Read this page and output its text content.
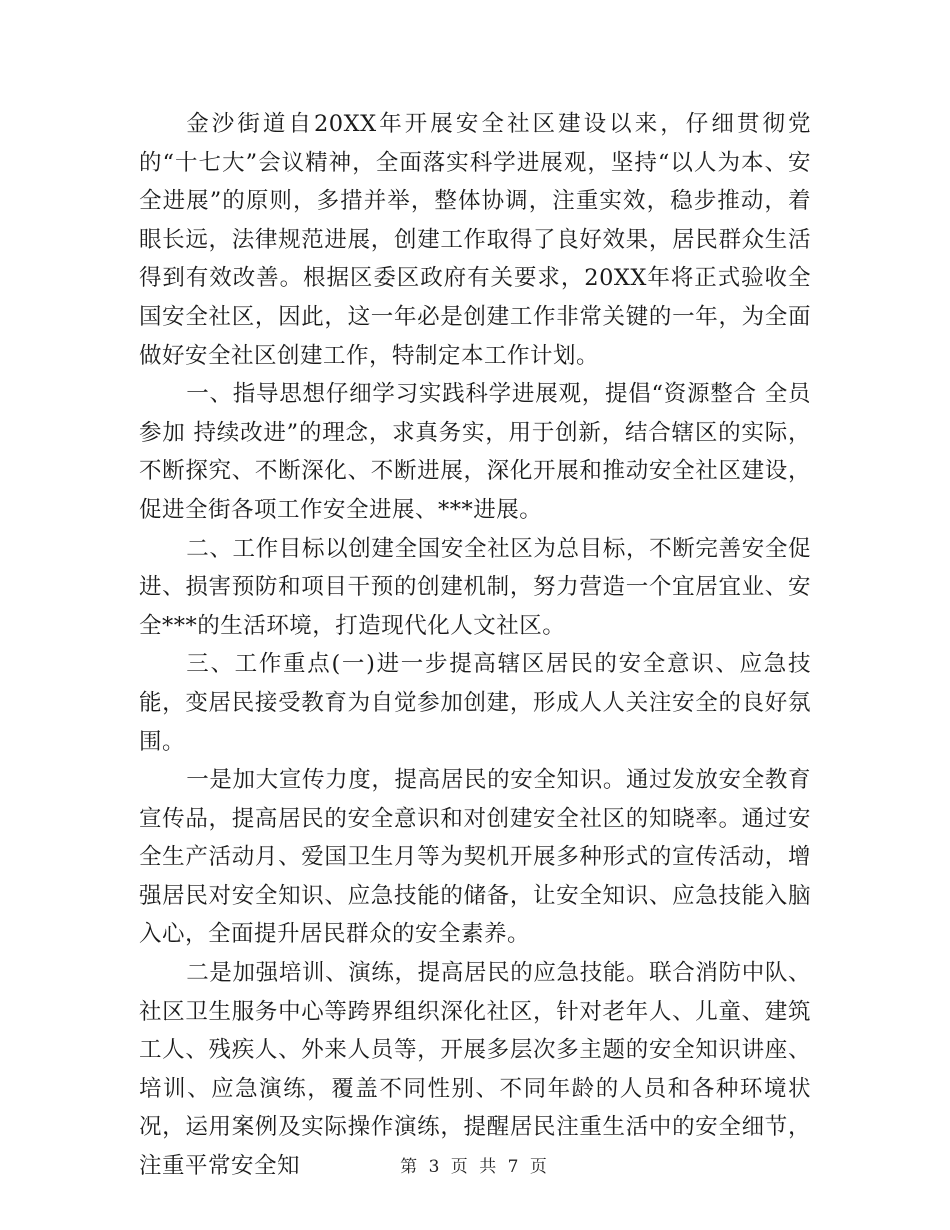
金沙街道自20XX年开展安全社区建设以来，仔细贯彻党的“十七大”会议精神，全面落实科学进展观，坚持“以人为本、安全进展”的原则，多措并举，整体协调，注重实效，稳步推动，着眼长远，法律规范进展，创建工作取得了良好效果，居民群众生活得到有效改善。根据区委区政府有关要求，20XX年将正式验收全国安全社区，因此，这一年必是创建工作非常关键的一年，为全面做好安全社区创建工作，特制定本工作计划。

一、指导思想仔细学习实践科学进展观，提倡“资源整合 全员参加 持续改进”的理念，求真务实，用于创新，结合辖区的实际，不断探究、不断深化、不断进展，深化开展和推动安全社区建设，促进全街各项工作安全进展、***进展。

二、工作目标以创建全国安全社区为总目标，不断完善安全促进、损害预防和项目干预的创建机制，努力营造一个宜居宜业、安全***的生活环境，打造现代化人文社区。

三、工作重点(一)进一步提高辖区居民的安全意识、应急技能，变居民接受教育为自觉参加创建，形成人人关注安全的良好氛围。

一是加大宣传力度，提高居民的安全知识。通过发放安全教育宣传品，提高居民的安全意识和对创建安全社区的知晓率。通过安全生产活动月、爱国卫生月等为契机开展多种形式的宣传活动，增强居民对安全知识、应急技能的储备，让安全知识、应急技能入脑入心，全面提升居民群众的安全素养。

二是加强培训、演练，提高居民的应急技能。联合消防中队、社区卫生服务中心等跨界组织深化社区，针对老年人、儿童、建筑工人、残疾人、外来人员等，开展多层次多主题的安全知识讲座、培训、应急演练，覆盖不同性别、不同年龄的人员和各种环境状况，运用案例及实际操作演练，提醒居民注重生活中的安全细节，注重平常安全知	第 3 页 共 7 页
